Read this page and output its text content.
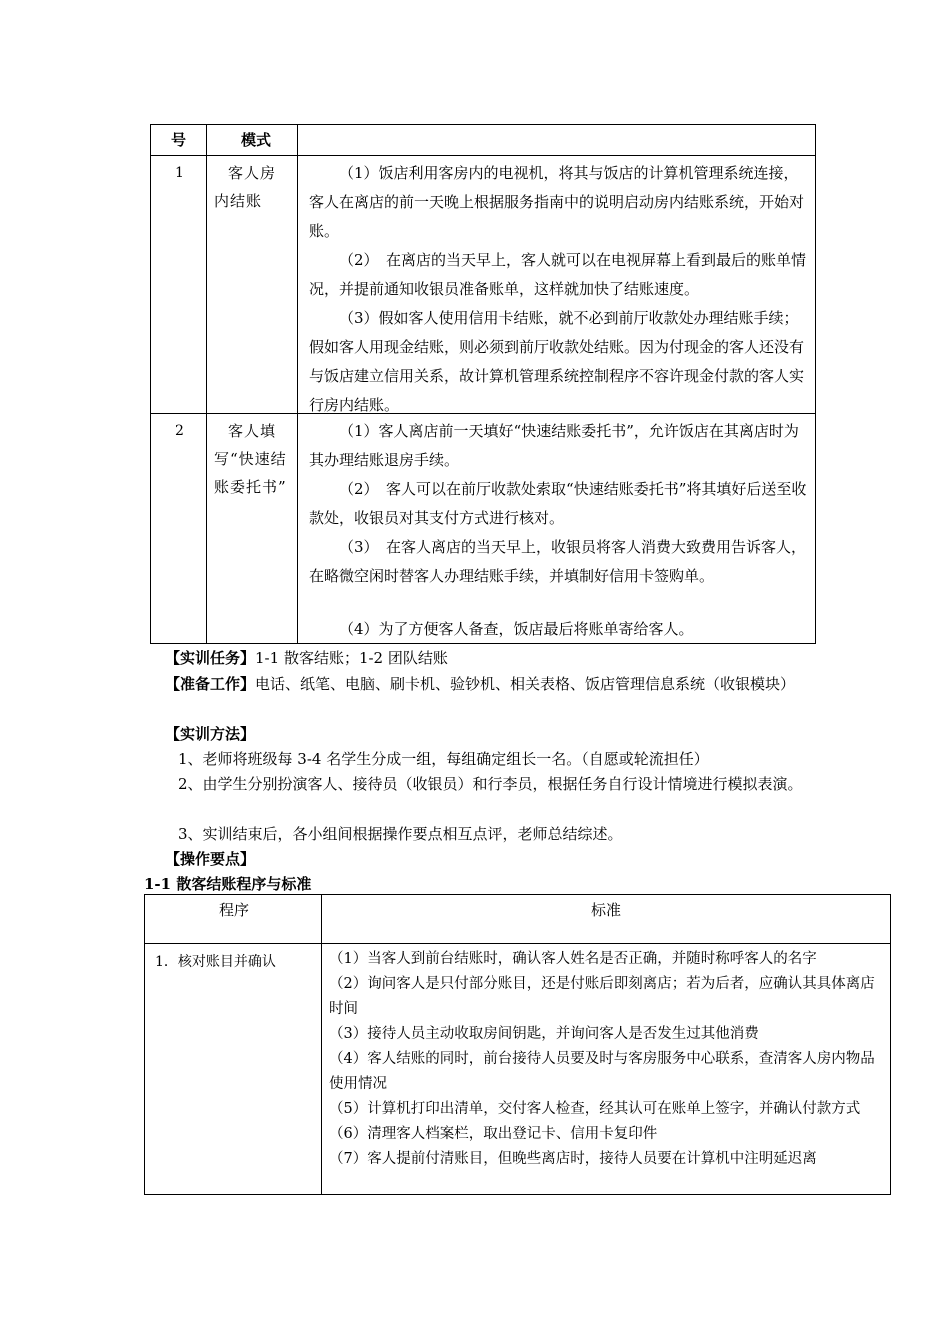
号	模式
1	客人房内结账
（1）饭店利用客房内的电视机，将其与饭店的计算机管理系统连接，客人在离店的前一天晚上根据服务指南中的说明启动房内结账系统，开始对账。
（2）　在离店的当天早上，客人就可以在电视屏幕上看到最后的账单情况，并提前通知收银员准备账单，这样就加快了结账速度。
（3）假如客人使用信用卡结账，就不必到前厅收款处办理结账手续；假如客人用现金结账，则必须到前厅收款处结账。因为付现金的客人还没有与饭店建立信用关系，故计算机管理系统控制程序不容许现金付款的客人实行房内结账。
2	客人填写“快速结账委托书”
（1）客人离店前一天填好“快速结账委托书”，允许饭店在其离店时为其办理结账退房手续。
（2）　客人可以在前厅收款处索取“快速结账委托书”将其填好后送至收款处，收银员对其支付方式进行核对。
（3）　在客人离店的当天早上，收银员将客人消费大致费用告诉客人，在略微空闲时替客人办理结账手续，并填制好信用卡签购单。
（4）为了方便客人备查，饭店最后将账单寄给客人。
【实训任务】1-1 散客结账；1-2 团队结账
【准备工作】电话、纸笔、电脑、刷卡机、验钞机、相关表格、饭店管理信息系统（收银模块）
【实训方法】
1、老师将班级每 3-4 名学生分成一组，每组确定组长一名。（自愿或轮流担任）
2、由学生分别扮演客人、接待员（收银员）和行李员，根据任务自行设计情境进行模拟表演。
3、实训结束后，各小组间根据操作要点相互点评，老师总结综述。
【操作要点】
1-1 散客结账程序与标准
程序	标准
1．核对账目并确认	（1）当客人到前台结账时，确认客人姓名是否正确，并随时称呼客人的名字
（2）询问客人是只付部分账目，还是付账后即刻离店；若为后者，应确认其具体离店时间
（3）接待人员主动收取房间钥匙，并询问客人是否发生过其他消费
（4）客人结账的同时，前台接待人员要及时与客房服务中心联系，查清客人房内物品使用情况
（5）计算机打印出清单，交付客人检查，经其认可在账单上签字，并确认付款方式
（6）清理客人档案栏，取出登记卡、信用卡复印件
（7）客人提前付清账目，但晚些离店时，接待人员要在计算机中注明延迟离
